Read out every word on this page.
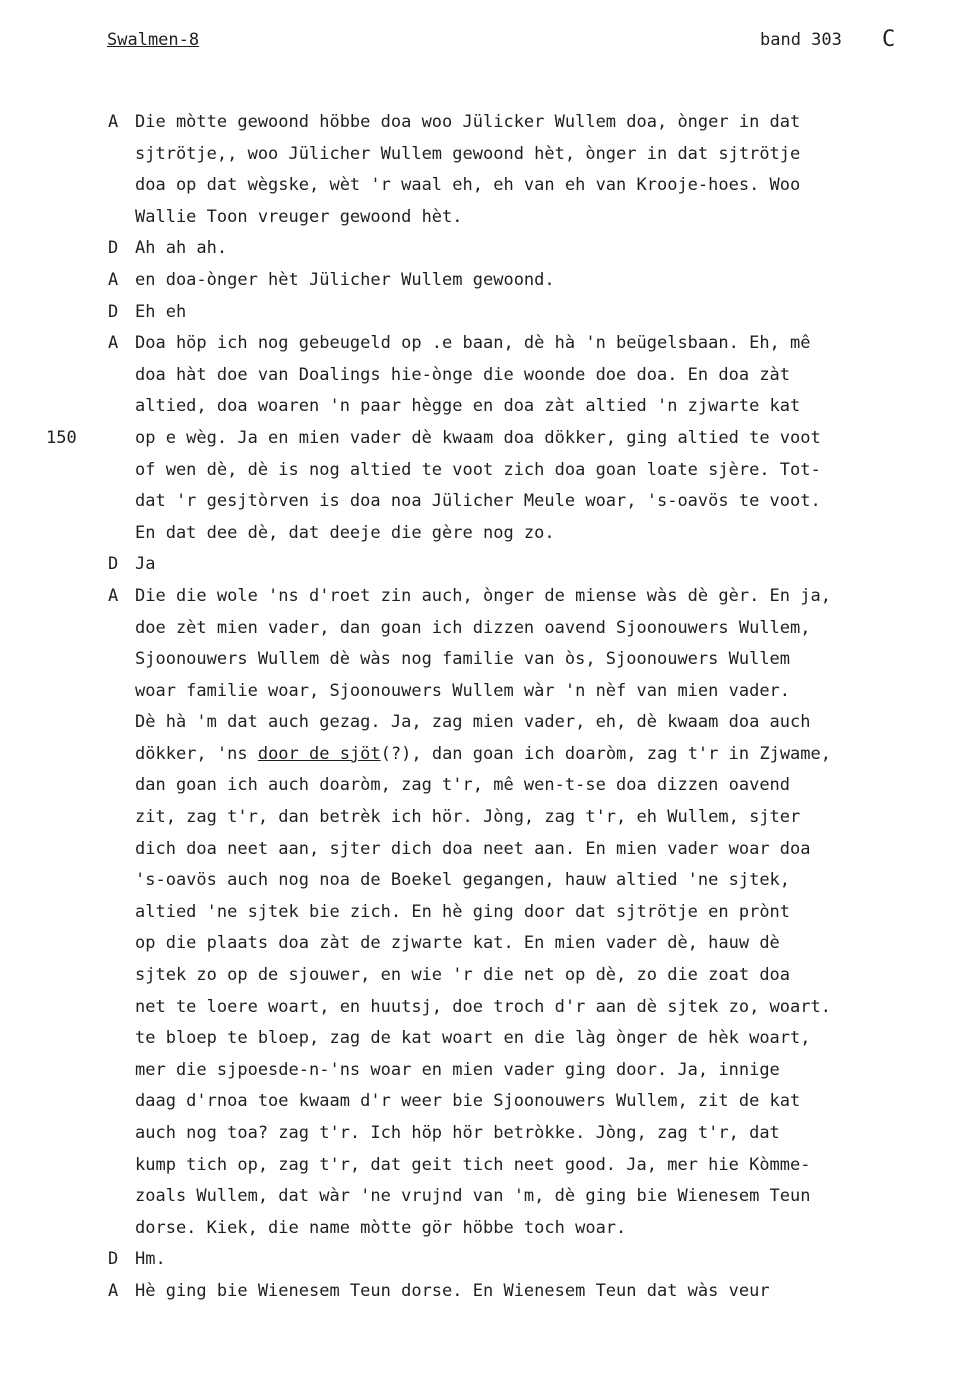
Swalmen-8	band 303 C
A Die mòtte gewoond höbbe doa woo Jülicker Wullem doa, ònger in dat
sjtrötje,, woo Jülicher Wullem gewoond hèt, ònger in dat sjtrötje
doa op dat wègske, wèt 'r waal eh, eh van eh van Krooje-hoes. Woo
Wallie Toon vreuger gewoond hèt.
D Ah ah ah.
A en doa-ònger hèt Jülicher Wullem gewoond.
D Eh eh
A Doa höp ich nog gebeugeld op .e baan, dè hà 'n beügelsbaan. Eh, mê
doa hàt doe van Doalings hie-ònge die woonde doe doa. En doa zàt
altied, doa woaren 'n paar hègge en doa zàt altied 'n zjwarte kat
150	op e wèg. Ja en mien vader dè kwaam doa dökker, ging altied te voot
of wen dè, dè is nog altied te voot zich doa goan loate sjère. Tot-
dat 'r gesjtòrven is doa noa Jülicher Meule woar, 's-oavös te voot.
En dat dee dè, dat deeje die gère nog zo.
D Ja
A Die die wole 'ns d'roet zin auch, ònger de miense wàs dè gèr. En ja,
doe zèt mien vader, dan goan ich dizzen oavend Sjoonouwers Wullem,
Sjoonouwers Wullem dè wàs nog familie van òs, Sjoonouwers Wullem
woar familie woar, Sjoonouwers Wullem wàr 'n nèf van mien vader.
Dè hà 'm dat auch gezag. Ja, zag mien vader, eh, dè kwaam doa auch
dökker, 'ns door de sjöt(?), dan goan ich doaròm, zag t'r in Zjwame,
dan goan ich auch doaròm, zag t'r, mê wen-t-se doa dizzen oavend
zit, zag t'r, dan betrèk ich hör. Jòng, zag t'r, eh Wullem, sjter
dich doa neet aan, sjter dich doa neet aan. En mien vader woar doa
's-oavös auch nog noa de Boekel gegangen, hauw altied 'ne sjtek,
altied 'ne sjtek bie zich. En hè ging door dat sjtrötje en prònt
op die plaats doa zàt de zjwarte kat. En mien vader dè, hauw dè
sjtek zo op de sjouwer, en wie 'r die net op dè, zo die zoat doa
net te loere woart, en huutsj, doe troch d'r aan dè sjtek zo, woart.
te bloep te bloep, zag de kat woart en die làg ònger de hèk woart,
mer die sjpoesde-n-'ns woar en mien vader ging door. Ja, innige
daag d'rnoa toe kwaam d'r weer bie Sjoonouwers Wullem, zit de kat
auch nog toa? zag t'r. Ich höp hör betròkke. Jòng, zag t'r, dat
kump tich op, zag t'r, dat geit tich neet good. Ja, mer hie Kòmme-
zoals Wullem, dat wàr 'ne vrujnd van 'm, dè ging bie Wienesem Teun
dorse. Kiek, die name mòtte gör höbbe toch woar.
D Hm.
A Hè ging bie Wienesem Teun dorse. En Wienesem Teun dat wàs veur
